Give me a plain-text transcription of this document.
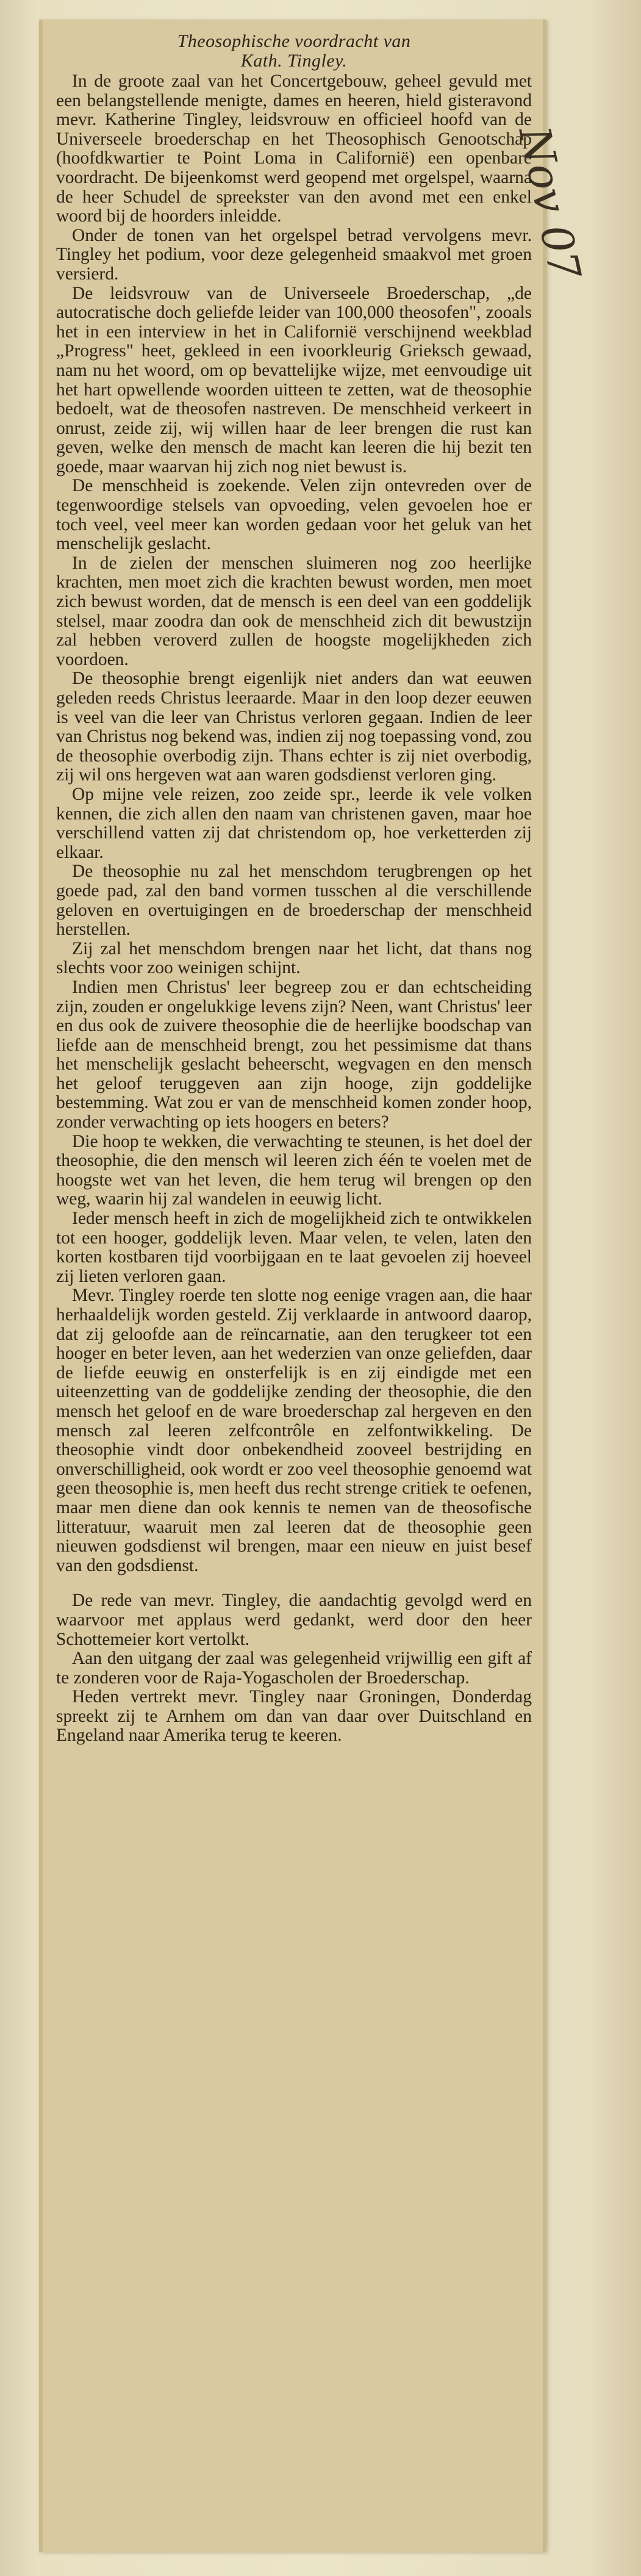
Theosophische voordracht van
Kath. Tingley.

In de groote zaal van het Concertgebouw, geheel gevuld met een belangstellende menigte, dames en heeren, hield gisteravond mevr. Katherine Tingley, leidsvrouw en officieel hoofd van de Universeele broederschap en het Theosophisch Genootschap (hoofdkwartier te Point Loma in Californië) een openbare voordracht. De bijeenkomst werd geopend met orgelspel, waarna de heer Schudel de spreekster van den avond met een enkel woord bij de hoorders inleidde.

Onder de tonen van het orgelspel betrad vervolgens mevr. Tingley het podium, voor deze gelegenheid smaakvol met groen versierd.

De leidsvrouw van de Universeele Broederschap, „de autocratische doch geliefde leider van 100,000 theosofen", zooals het in een interview in het in Californië verschijnend weekblad „Progress" heet, gekleed in een ivoorkleurig Grieksch gewaad, nam nu het woord, om op bevattelijke wijze, met eenvoudige uit het hart opwellende woorden uitteen te zetten, wat de theosophie bedoelt, wat de theosofen nastreven. De menschheid verkeert in onrust, zeide zij, wij willen haar de leer brengen die rust kan geven, welke den mensch de macht kan leeren die hij bezit ten goede, maar waarvan hij zich nog niet bewust is.

De menschheid is zoekende. Velen zijn ontevreden over de tegenwoordige stelsels van opvoeding, velen gevoelen hoe er toch veel, veel meer kan worden gedaan voor het geluk van het menschelijk geslacht.

In de zielen der menschen sluimeren nog zoo heerlijke krachten, men moet zich die krachten bewust worden, men moet zich bewust worden, dat de mensch is een deel van een goddelijk stelsel, maar zoodra dan ook de menschheid zich dit bewustzijn zal hebben veroverd zullen de hoogste mogelijkheden zich voordoen.

De theosophie brengt eigenlijk niet anders dan wat eeuwen geleden reeds Christus leeraarde. Maar in den loop dezer eeuwen is veel van die leer van Christus verloren gegaan. Indien de leer van Christus nog bekend was, indien zij nog toepassing vond, zou de theosophie overbodig zijn. Thans echter is zij niet overbodig, zij wil ons hergeven wat aan waren godsdienst verloren ging.

Op mijne vele reizen, zoo zeide spr., leerde ik vele volken kennen, die zich allen den naam van christenen gaven, maar hoe verschillend vatten zij dat christendom op, hoe verketterden zij elkaar.

De theosophie nu zal het menschdom terugbrengen op het goede pad, zal den band vormen tusschen al die verschillende geloven en overtuigingen en de broederschap der menschheid herstellen.

Zij zal het menschdom brengen naar het licht, dat thans nog slechts voor zoo weinigen schijnt.

Indien men Christus' leer begreep zou er dan echtscheiding zijn, zouden er ongelukkige levens zijn? Neen, want Christus' leer en dus ook de zuivere theosophie die de heerlijke boodschap van liefde aan de menschheid brengt, zou het pessimisme dat thans het menschelijk geslacht beheerscht, wegvagen en den mensch het geloof teruggeven aan zijn hooge, zijn goddelijke bestemming. Wat zou er van de menschheid komen zonder hoop, zonder verwachting op iets hoogers en beters?

Die hoop te wekken, die verwachting te steunen, is het doel der theosophie, die den mensch wil leeren zich één te voelen met de hoogste wet van het leven, die hem terug wil brengen op den weg, waarin hij zal wandelen in eeuwig licht.

Ieder mensch heeft in zich de mogelijkheid zich te ontwikkelen tot een hooger, goddelijk leven. Maar velen, te velen, laten den korten kostbaren tijd voorbijgaan en te laat gevoelen zij hoeveel zij lieten verloren gaan.

Mevr. Tingley roerde ten slotte nog eenige vragen aan, die haar herhaaldelijk worden gesteld. Zij verklaarde in antwoord daarop, dat zij geloofde aan de reïncarnatie, aan den terugkeer tot een hooger en beter leven, aan het wederzien van onze geliefden, daar de liefde eeuwig en onsterfelijk is en zij eindigde met een uiteenzetting van de goddelijke zending der theosophie, die den mensch het geloof en de ware broederschap zal hergeven en den mensch zal leeren zelfcontrôle en zelfontwikkeling. De theosophie vindt door onbekendheid zooveel bestrijding en onverschilligheid, ook wordt er zoo veel theosophie genoemd wat geen theosophie is, men heeft dus recht strenge critiek te oefenen, maar men diene dan ook kennis te nemen van de theosofische litteratuur, waaruit men zal leeren dat de theosophie geen nieuwen godsdienst wil brengen, maar een nieuw en juist besef van den godsdienst.

De rede van mevr. Tingley, die aandachtig gevolgd werd en waarvoor met applaus werd gedankt, werd door den heer Schottemeier kort vertolkt.

Aan den uitgang der zaal was gelegenheid vrijwillig een gift af te zonderen voor de Raja-Yogascholen der Broederschap.

Heden vertrekt mevr. Tingley naar Groningen, Donderdag spreekt zij te Arnhem om dan van daar over Duitschland en Engeland naar Amerika terug te keeren.
